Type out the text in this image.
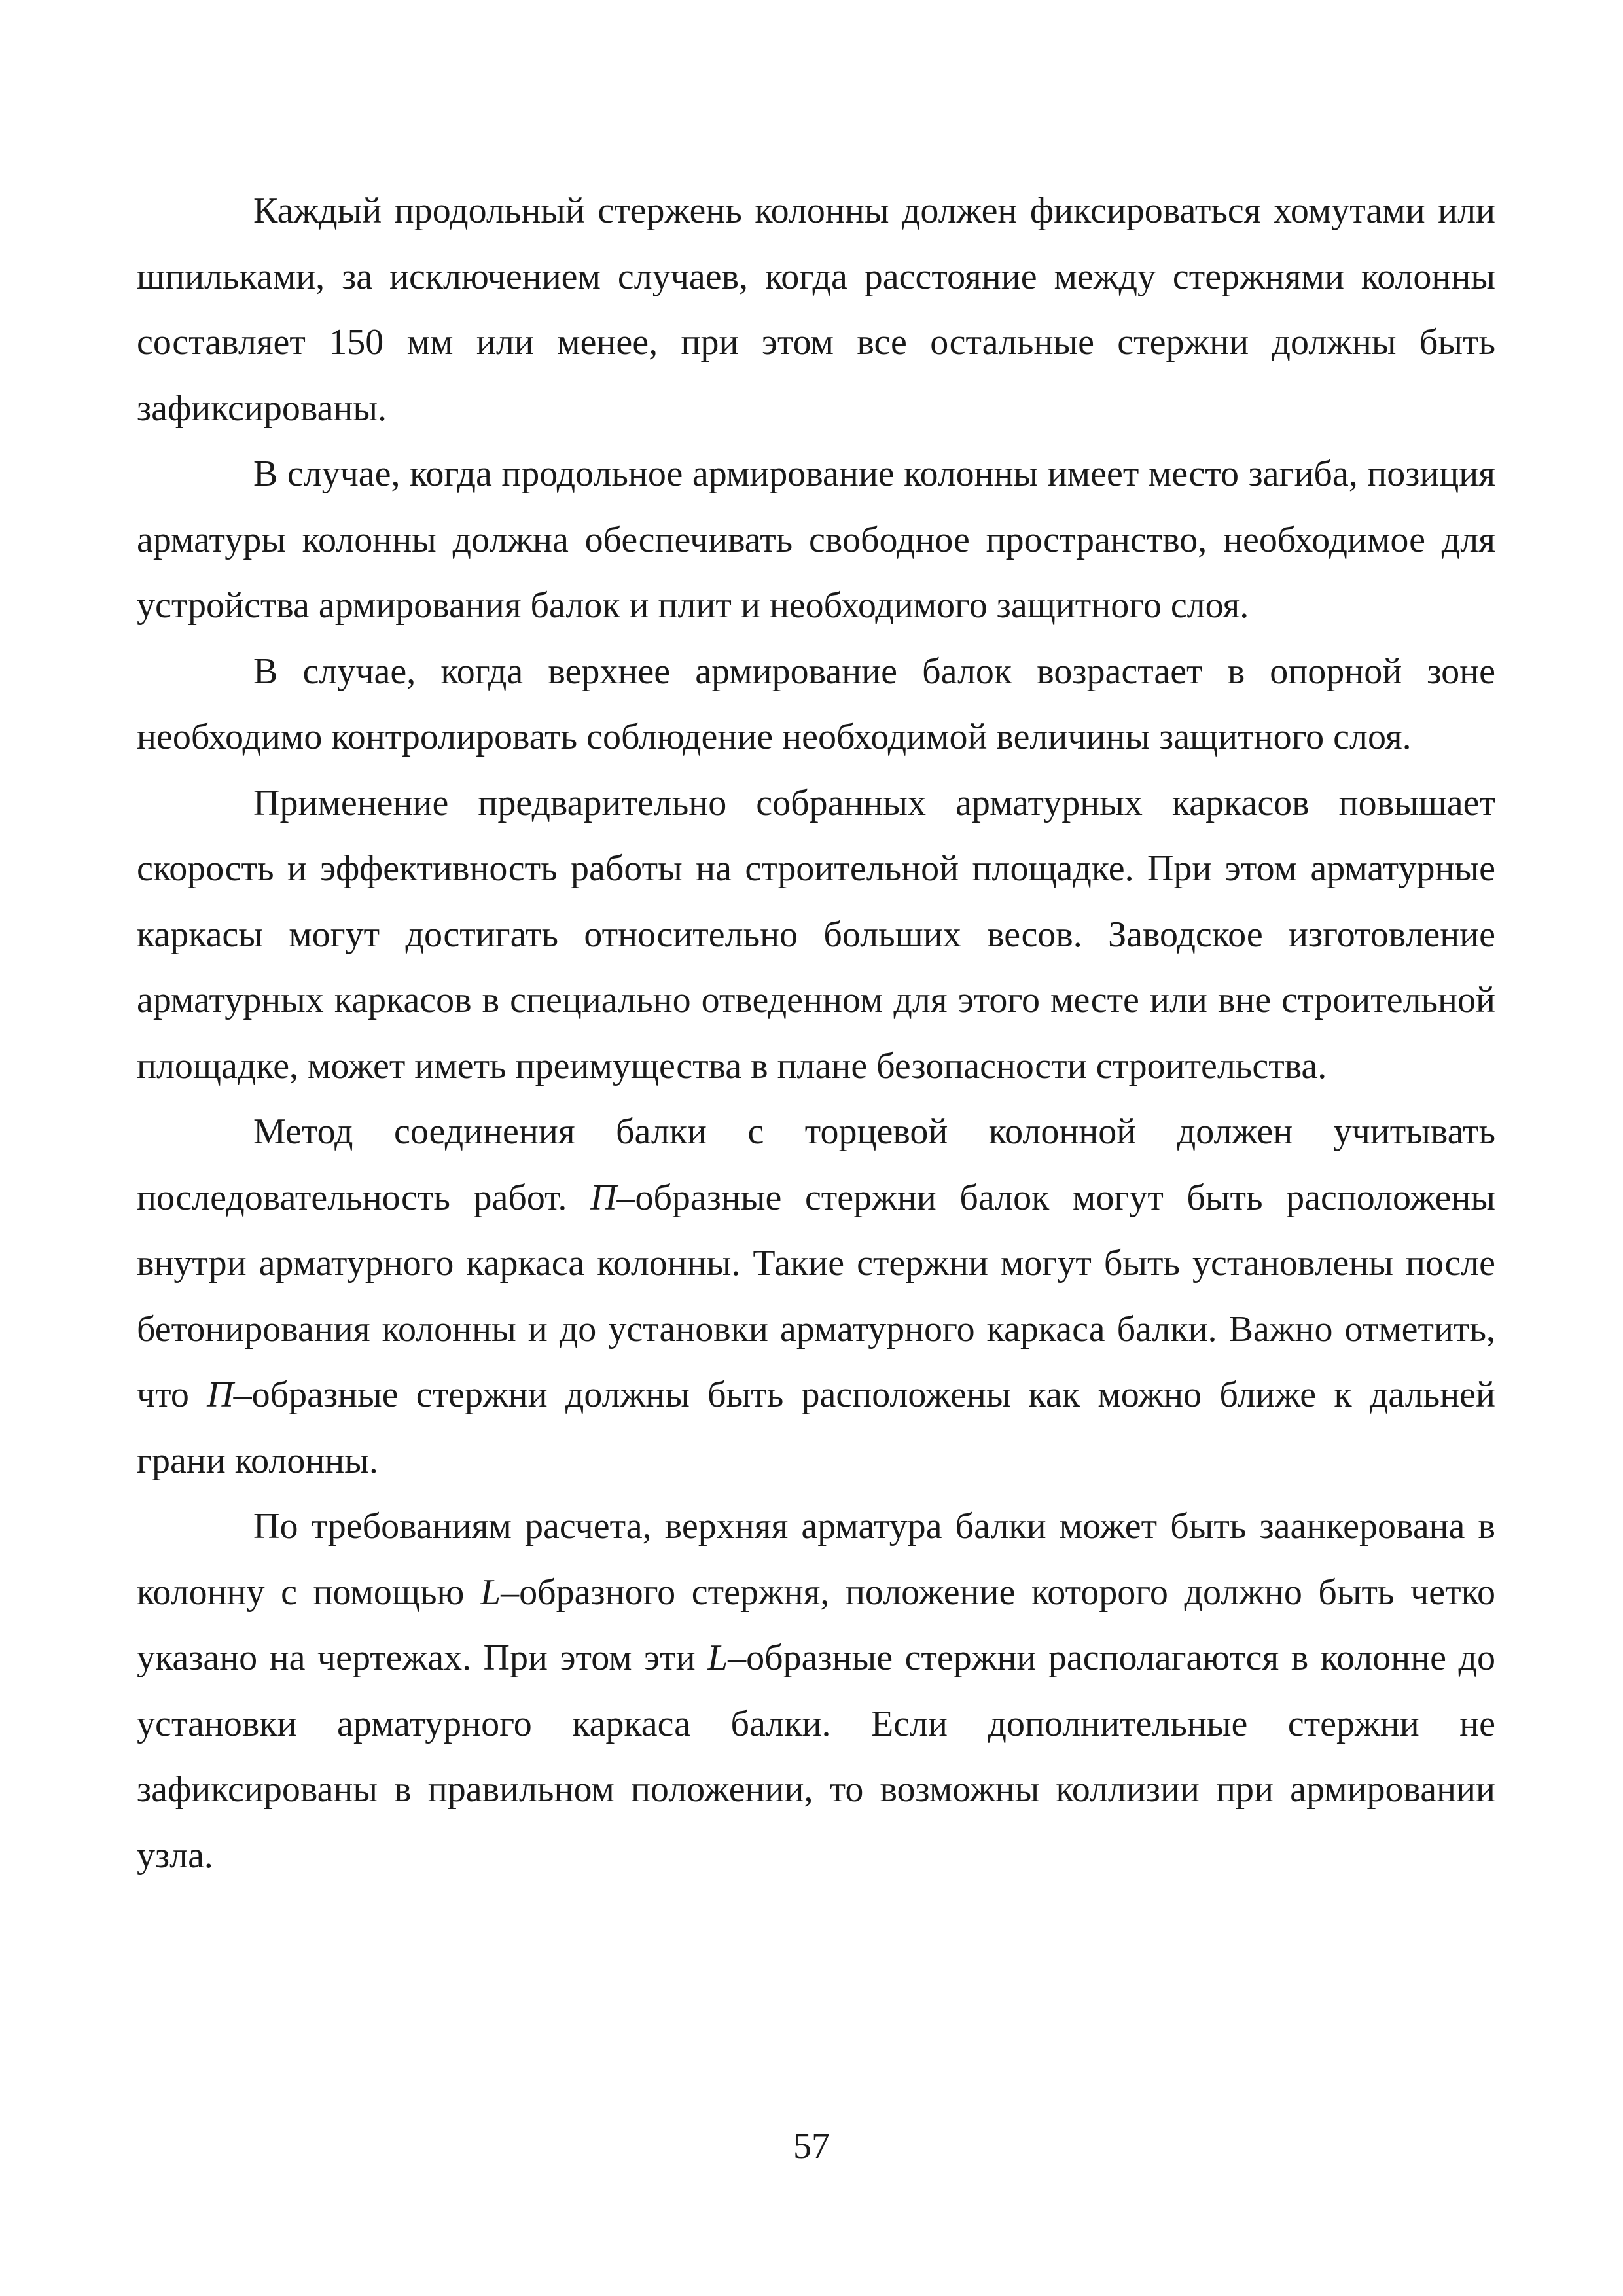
Каждый продольный стержень колонны должен фиксироваться хомутами или шпильками, за исключением случаев, когда расстояние между стержнями колонны составляет 150 мм или менее, при этом все остальные стержни должны быть зафиксированы.

В случае, когда продольное армирование колонны имеет место загиба, позиция арматуры колонны должна обеспечивать свободное пространство, необходимое для устройства армирования балок и плит и необходимого защитного слоя.

В случае, когда верхнее армирование балок возрастает в опорной зоне необходимо контролировать соблюдение необходимой величины защитного слоя.

Применение предварительно собранных арматурных каркасов повышает скорость и эффективность работы на строительной площадке. При этом арматурные каркасы могут достигать относительно больших весов. Заводское изготовление арматурных каркасов в специально отведенном для этого месте или вне строительной площадке, может иметь преимущества в плане безопасности строительства.

Метод соединения балки с торцевой колонной должен учитывать последовательность работ. П–образные стержни балок могут быть расположены внутри арматурного каркаса колонны. Такие стержни могут быть установлены после бетонирования колонны и до установки арматурного каркаса балки. Важно отметить, что П–образные стержни должны быть расположены как можно ближе к дальней грани колонны.

По требованиям расчета, верхняя арматура балки может быть заанкерована в колонну с помощью L–образного стержня, положение которого должно быть четко указано на чертежах. При этом эти L–образные стержни располагаются в колонне до установки арматурного каркаса балки. Если дополнительные стержни не зафиксированы в правильном положении, то возможны коллизии при армировании узла.

57
